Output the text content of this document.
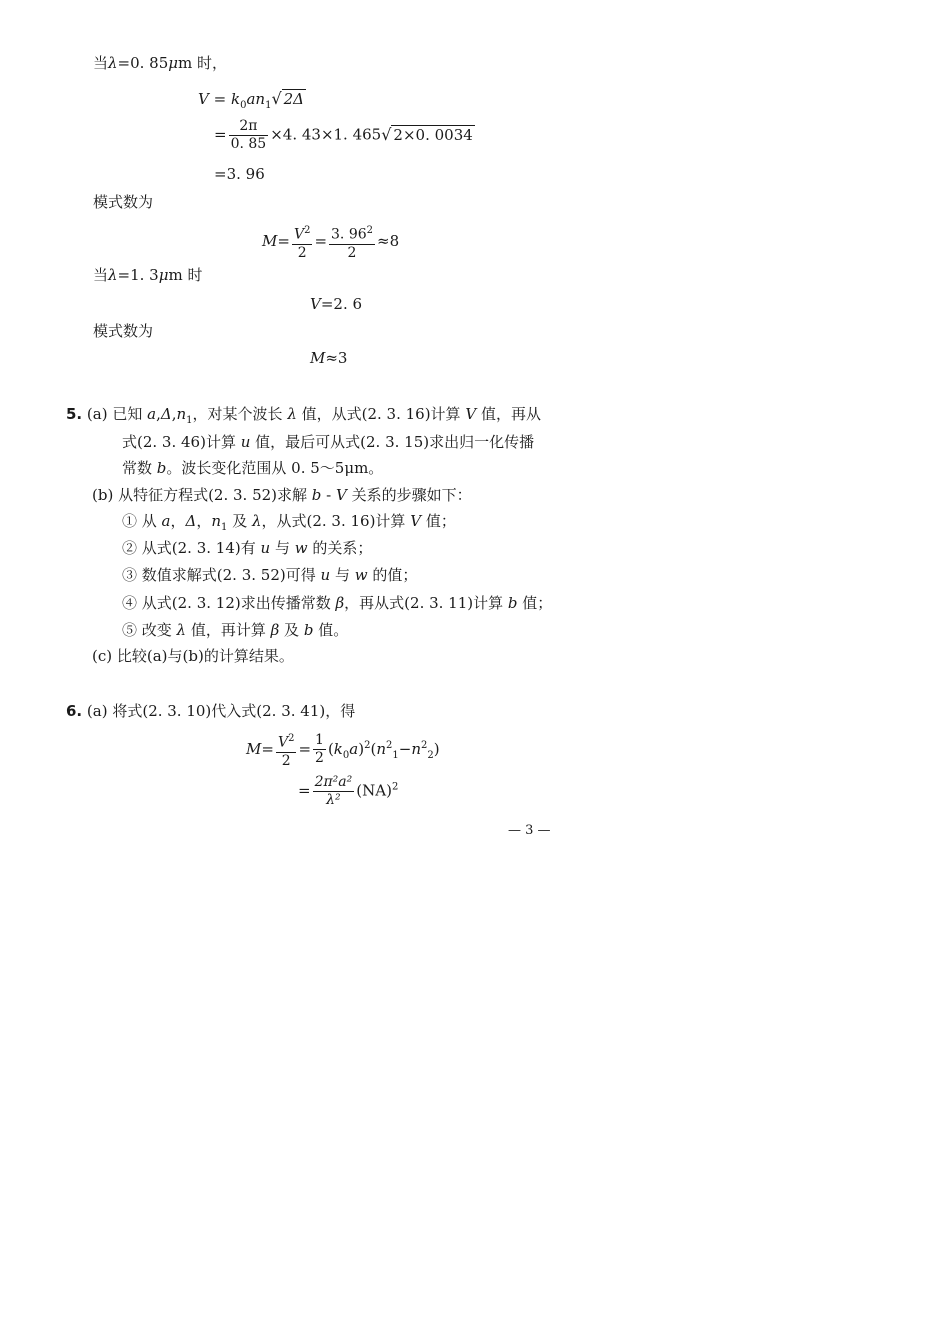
当λ=0. 85μm 时，
$V = k_0an_1√$ 2Δ
= $\frac{2\pi}{0. 85} \times 4$. 43×1. 465√ 2×0. 0034
=3. 96
模式数为
$M= \frac{V^2}{2} = \frac{3. 96^2}{2} \approx 8$
当λ=1. 3μm 时
V=2. 6
模式数为
M≈3
5. (a) 已知 $a,\Delta,n_1$，对某个波长 λ 值，从式(2. 3. 16)计算 V 值，再从
式(2. 3. 46)计算 u 值，最后可从式(2. 3. 15)求出归一化传播
常数 b。波长变化范围从 0. 5～5μm。
(b) 从特征方程式(2. 3. 52)求解 b - V 关系的步骤如下：
① 从 a，Δ，$n_1$ 及 λ，从式(2. 3. 16)计算 V 值；
② 从式(2. 3. 14)有 u 与 w 的关系；
③ 数值求解式(2. 3. 52)可得 u 与 w 的值；
④ 从式(2. 3. 12)求出传播常数 β，再从式(2. 3. 11)计算 b 值；
⑤ 改变 λ 值，再计算 β 及 b 值。
(c) 比较(a)与(b)的计算结果。
6. (a) 将式(2. 3. 10)代入式(2. 3. 41)，得
$M= \frac{V^2}{2} = \frac{1}{2} (k_0a)^2(n^2_1-n^2_2)$
= $\frac{\text{2π²a²}}{\text{λ²}} (NA)^2$
— 3 —
